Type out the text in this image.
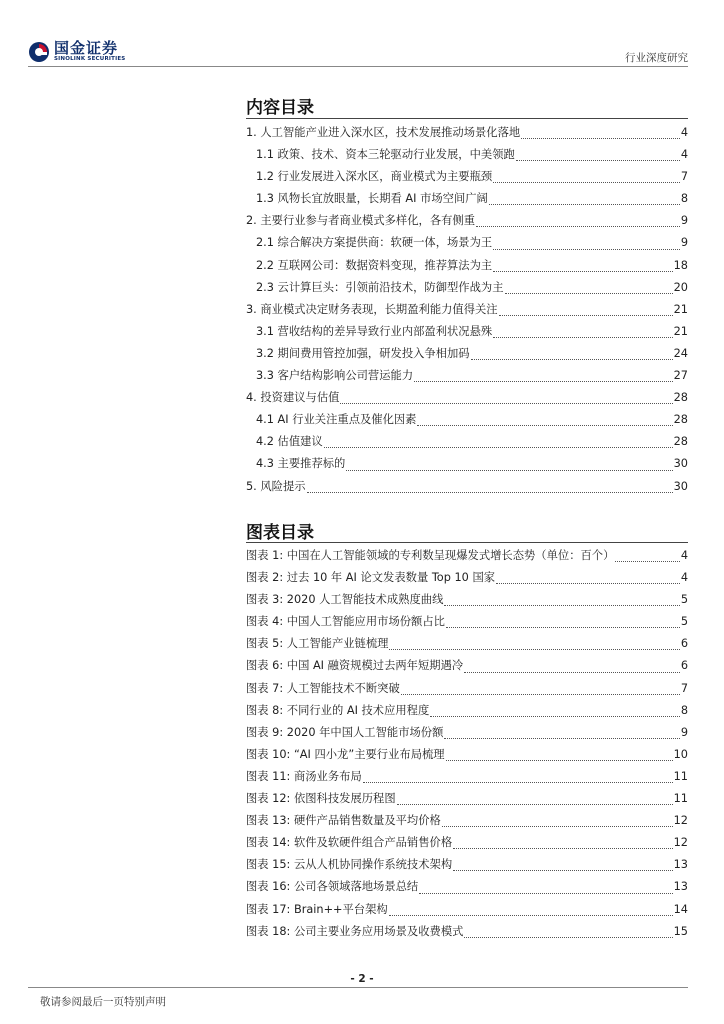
国金证券
SINOLINK SECURITIES	行业深度研究
内容目录
1. 人工智能产业进入深水区，技术发展推动场景化落地	4
1.1 政策、技术、资本三轮驱动行业发展，中美领跑	4
1.2 行业发展进入深水区，商业模式为主要瓶颈	7
1.3 风物长宜放眼量，长期看 AI 市场空间广阔	8
2. 主要行业参与者商业模式多样化，各有侧重	9
2.1 综合解决方案提供商：软硬一体，场景为王	9
2.2 互联网公司：数据资料变现，推荐算法为主	18
2.3 云计算巨头：引领前沿技术，防御型作战为主	20
3. 商业模式决定财务表现，长期盈利能力值得关注	21
3.1 营收结构的差异导致行业内部盈利状况悬殊	21
3.2 期间费用管控加强，研发投入争相加码	24
3.3 客户结构影响公司营运能力	27
4. 投资建议与估值	28
4.1 AI 行业关注重点及催化因素	28
4.2 估值建议	28
4.3 主要推荐标的	30
5. 风险提示	30
图表目录
图表 1: 中国在人工智能领域的专利数呈现爆发式增长态势（单位：百个）	4
图表 2: 过去 10 年 AI 论文发表数量 Top 10 国家	4
图表 3: 2020 人工智能技术成熟度曲线	5
图表 4: 中国人工智能应用市场份额占比	5
图表 5: 人工智能产业链梳理	6
图表 6: 中国 AI 融资规模过去两年短期遇冷	6
图表 7: 人工智能技术不断突破	7
图表 8: 不同行业的 AI 技术应用程度	8
图表 9: 2020 年中国人工智能市场份额	9
图表 10: “AI 四小龙”主要行业布局梳理	10
图表 11: 商汤业务布局	11
图表 12: 依图科技发展历程图	11
图表 13: 硬件产品销售数量及平均价格	12
图表 14: 软件及软硬件组合产品销售价格	12
图表 15: 云从人机协同操作系统技术架构	13
图表 16: 公司各领域落地场景总结	13
图表 17: Brain++平台架构	14
图表 18: 公司主要业务应用场景及收费模式	15
- 2 -
敬请参阅最后一页特别声明
